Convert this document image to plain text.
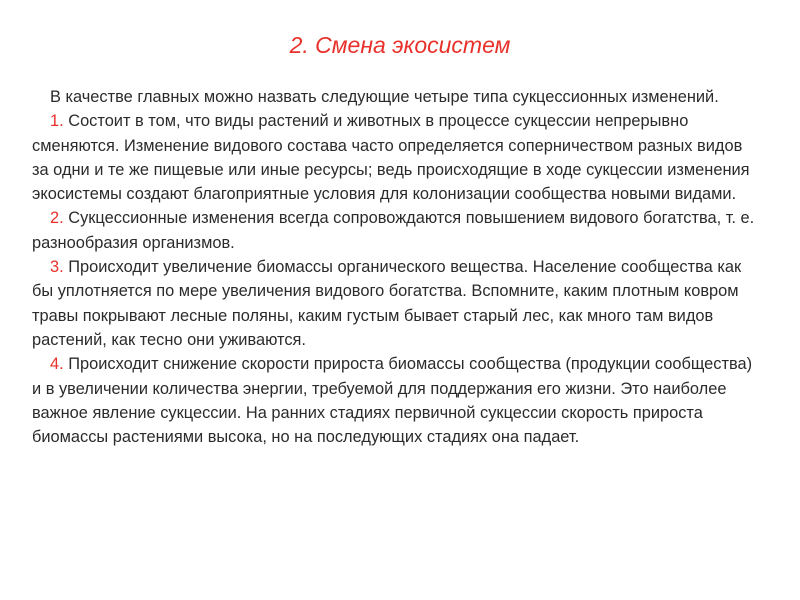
2. Смена экосистем

В качестве главных можно назвать следующие четыре типа сукцессионных изменений.

1. Состоит в том, что виды растений и животных в процессе сукцессии непрерывно сменяются. Изменение видового состава часто определяется соперничеством разных видов за одни и те же пищевые или иные ресурсы; ведь происходящие в ходе сукцессии изменения экосистемы создают благоприятные условия для колонизации сообщества новыми видами.

2. Сукцессионные изменения всегда сопровождаются повышением видового богатства, т. е. разнообразия организмов.

3. Происходит увеличение биомассы органического вещества. Население сообщества как бы уплотняется по мере увеличения видового богатства. Вспомните, каким плотным ковром травы покрывают лесные поляны, каким густым бывает старый лес, как много там видов растений, как тесно они уживаются.

4. Происходит снижение скорости прироста биомассы сообщества (продукции сообщества) и в увеличении количества энергии, требуемой для поддержания его жизни. Это наиболее важное явление сукцессии. На ранних стадиях первичной сукцессии скорость прироста биомассы растениями высока, но на последующих стадиях она падает.
